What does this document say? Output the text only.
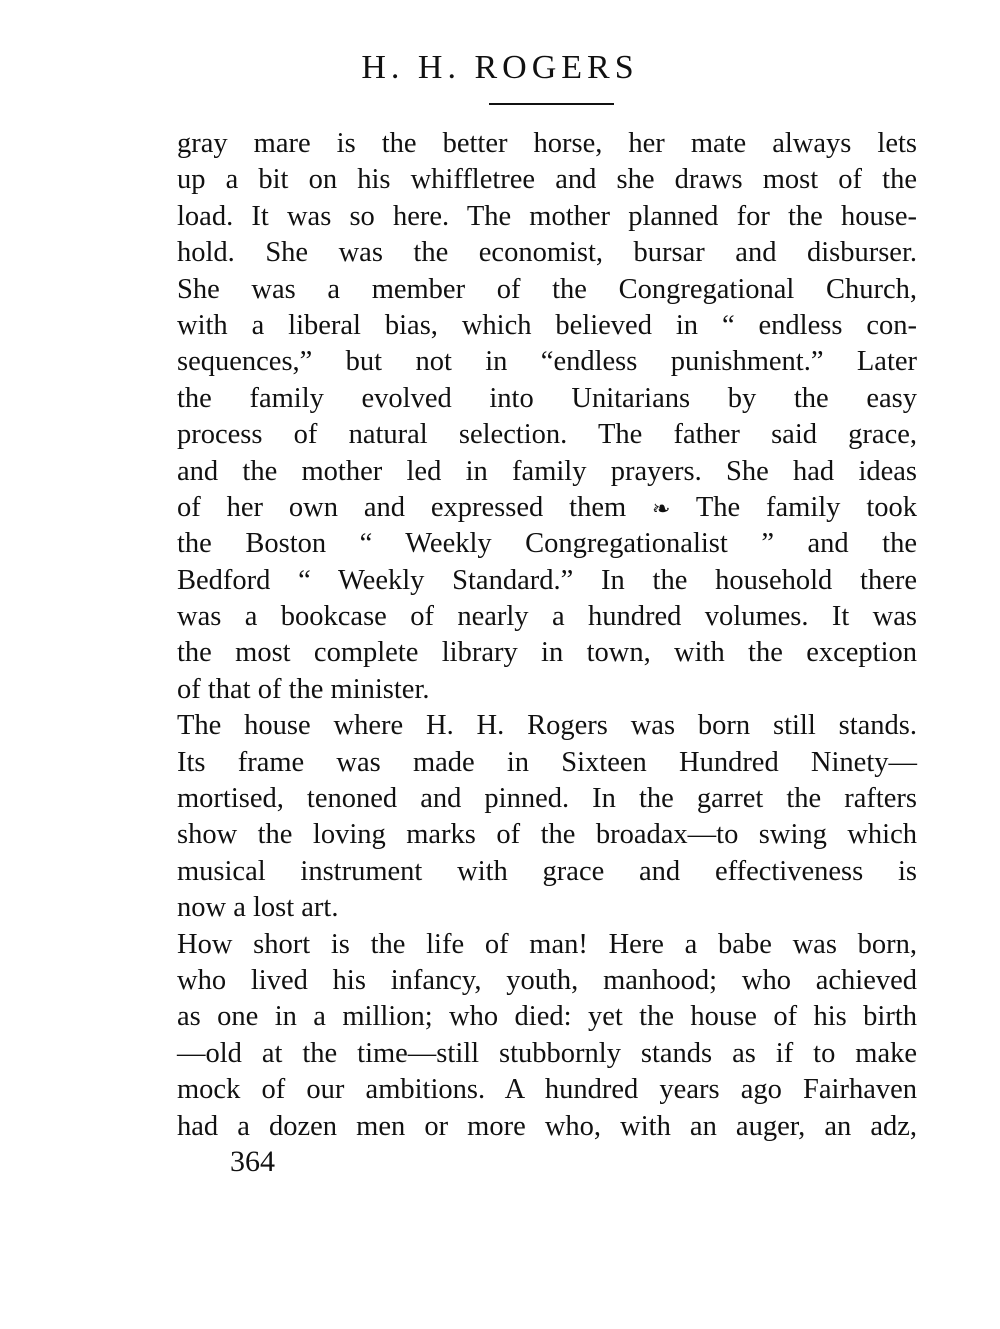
H. H. ROGERS
gray mare is the better horse, her mate always lets
up a bit on his whiffletree and she draws most of the
load. It was so here. The mother planned for the house-
hold. She was the economist, bursar and disburser.
She was a member of the Congregational Church,
with a liberal bias, which believed in “ endless con-
sequences,” but not in “endless punishment.” Later
the family evolved into Unitarians by the easy
process of natural selection. The father said grace,
and the mother led in family prayers. She had ideas
of her own and expressed them ❧ The family took
the Boston “ Weekly Congregationalist ” and the
Bedford “ Weekly Standard.” In the household there
was a bookcase of nearly a hundred volumes. It was
the most complete library in town, with the exception
of that of the minister.
The house where H. H. Rogers was born still stands.
Its frame was made in Sixteen Hundred Ninety—
mortised, tenoned and pinned. In the garret the rafters
show the loving marks of the broadax—to swing which
musical instrument with grace and effectiveness is
now a lost art.
How short is the life of man! Here a babe was born,
who lived his infancy, youth, manhood; who achieved
as one in a million; who died: yet the house of his birth
—old at the time—still stubbornly stands as if to make
mock of our ambitions. A hundred years ago Fairhaven
had a dozen men or more who, with an auger, an adz,
364
